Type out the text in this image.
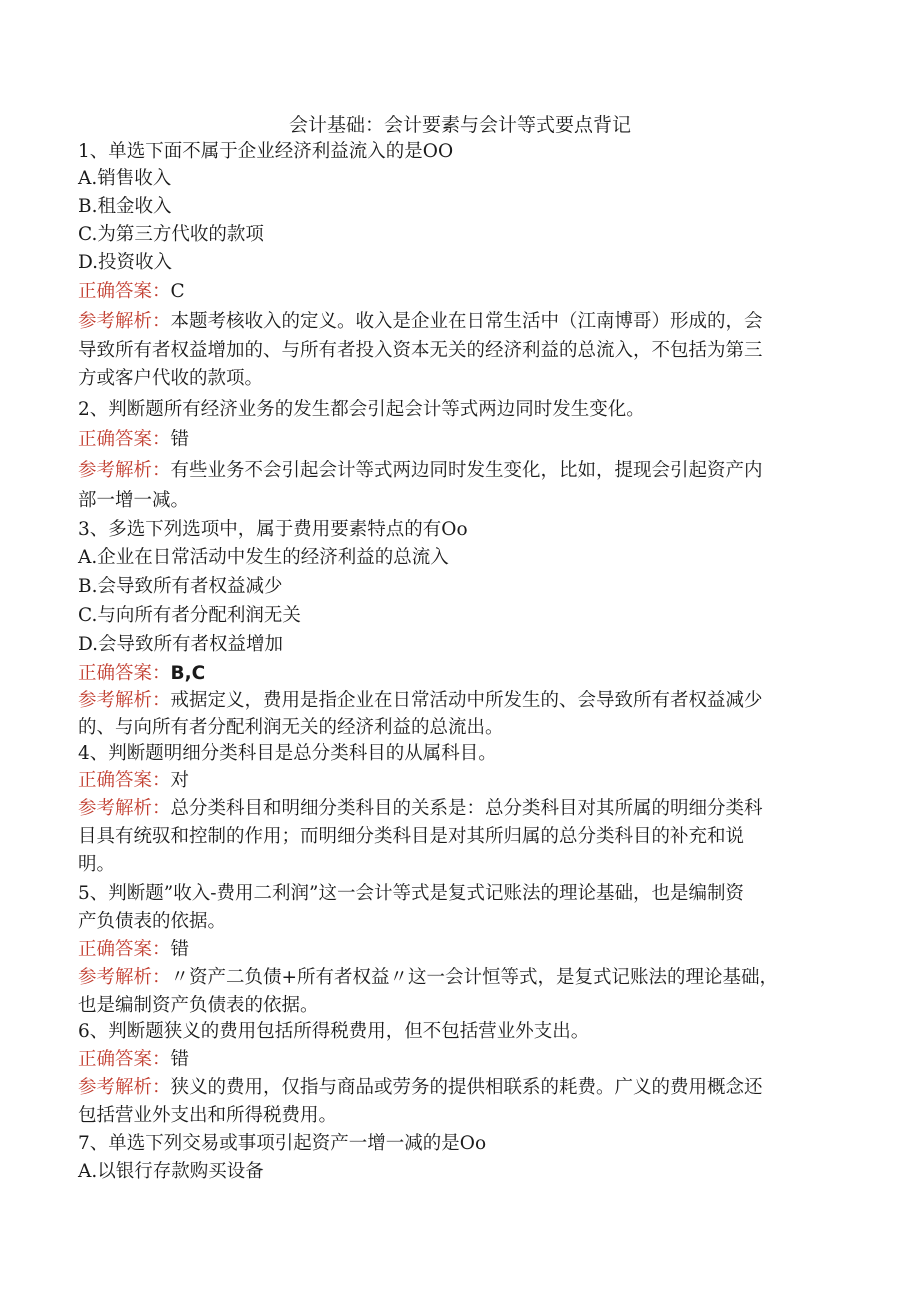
会计基础：会计要素与会计等式要点背记
1、单选下面不属于企业经济利益流入的是OO
A.销售收入
B.租金收入
C.为第三方代收的款项
D.投资收入
正确答案：C
参考解析：本题考核收入的定义。收入是企业在日常生活中（江南博哥）形成的，会
导致所有者权益增加的、与所有者投入资本无关的经济利益的总流入，不包括为第三
方或客户代收的款项。
2、判断题所有经济业务的发生都会引起会计等式两边同时发生变化。
正确答案：错
参考解析：有些业务不会引起会计等式两边同时发生变化，比如，提现会引起资产内
部一增一减。
3、多选下列选项中，属于费用要素特点的有Oo
A.企业在日常活动中发生的经济利益的总流入
B.会导致所有者权益减少
C.与向所有者分配利润无关
D.会导致所有者权益增加
正确答案：B,C
参考解析：戒据定义，费用是指企业在日常活动中所发生的、会导致所有者权益减少
的、与向所有者分配利润无关的经济利益的总流出。
4、判断题明细分类科目是总分类科目的从属科目。
正确答案：对
参考解析：总分类科目和明细分类科目的关系是：总分类科目对其所属的明细分类科
目具有统驭和控制的作用；而明细分类科目是对其所归属的总分类科目的补充和说
明。
5、判断题”收入-费用二利润”这一会计等式是复式记账法的理论基础，也是编制资
产负债表的依据。
正确答案：错
参考解析：〃资产二负债+所有者权益〃这一会计恒等式，是复式记账法的理论基础，
也是编制资产负债表的依据。
6、判断题狭义的费用包括所得税费用，但不包括营业外支出。
正确答案：错
参考解析：狭义的费用，仅指与商品或劳务的提供相联系的耗费。广义的费用概念还
包括营业外支出和所得税费用。
7、单选下列交易或事项引起资产一增一减的是Oo
A.以银行存款购买设备
